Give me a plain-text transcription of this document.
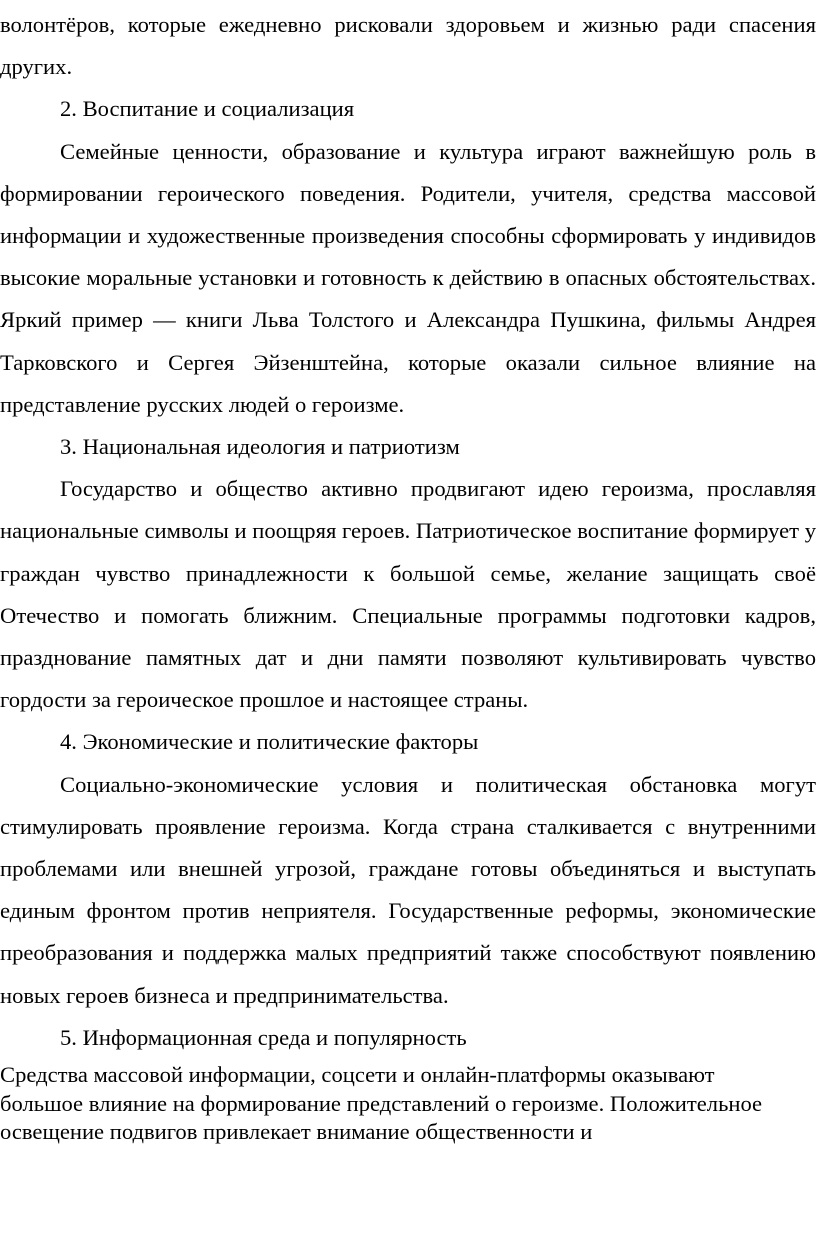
волонтёров, которые ежедневно рисковали здоровьем и жизнью ради спасения других.

2. Воспитание и социализация

Семейные ценности, образование и культура играют важнейшую роль в формировании героического поведения. Родители, учителя, средства массовой информации и художественные произведения способны сформировать у индивидов высокие моральные установки и готовность к действию в опасных обстоятельствах. Яркий пример — книги Льва Толстого и Александра Пушкина, фильмы Андрея Тарковского и Сергея Эйзенштейна, которые оказали сильное влияние на представление русских людей о героизме.

3. Национальная идеология и патриотизм

Государство и общество активно продвигают идею героизма, прославляя национальные символы и поощряя героев. Патриотическое воспитание формирует у граждан чувство принадлежности к большой семье, желание защищать своё Отечество и помогать ближним. Специальные программы подготовки кадров, празднование памятных дат и дни памяти позволяют культивировать чувство гордости за героическое прошлое и настоящее страны.

4. Экономические и политические факторы

Социально-экономические условия и политическая обстановка могут стимулировать проявление героизма. Когда страна сталкивается с внутренними проблемами или внешней угрозой, граждане готовы объединяться и выступать единым фронтом против неприятеля. Государственные реформы, экономические преобразования и поддержка малых предприятий также способствуют появлению новых героев бизнеса и предпринимательства.

5. Информационная среда и популярность

Средства массовой информации, соцсети и онлайн-платформы оказывают большое влияние на формирование представлений о героизме. Положительное освещение подвигов привлекает внимание общественности и
